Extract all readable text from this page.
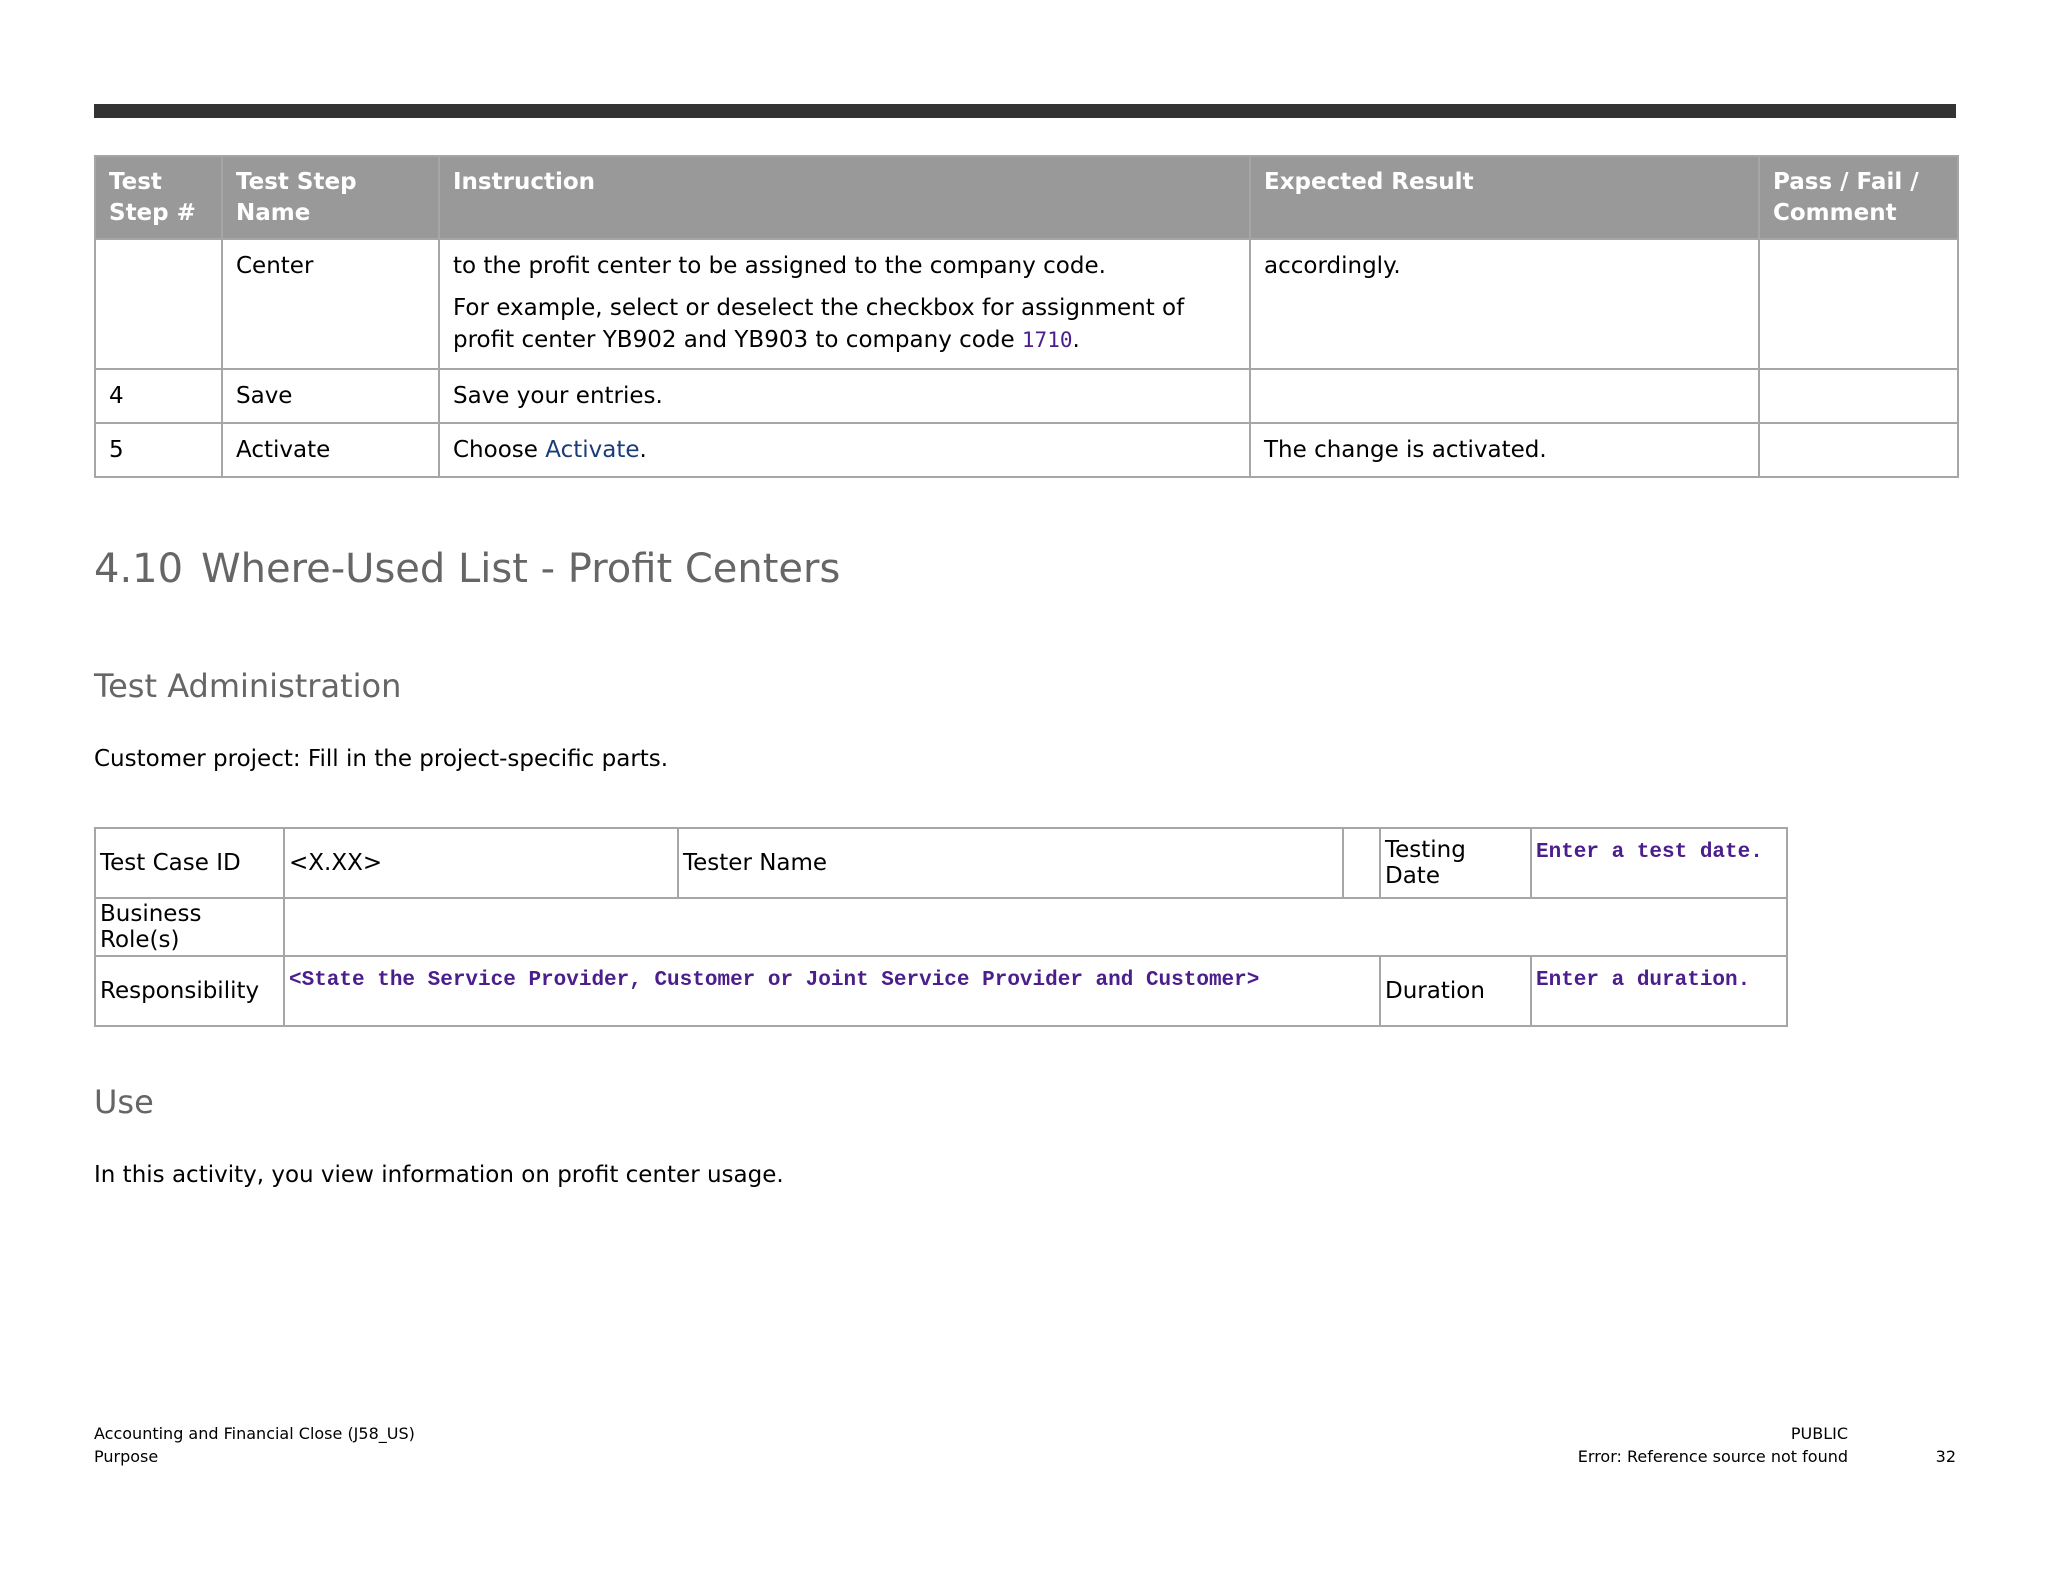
Test
Step #	Test Step Name	Instruction	Expected Result	Pass / Fail /
Comment
	Center	to the profit center to be assigned to the company code.

For example, select or deselect the checkbox for assignment of profit center YB902 and YB903 to company code 1710.	accordingly.	
4	Save	Save your entries.		
5	Activate	Choose Activate.	The change is activated.	
4.10 Where-Used List - Profit Centers
Test Administration

Customer project: Fill in the project-specific parts.

Test Case ID	<X.XX>	Tester Name		Testing Date	Enter a test date.
Business Role(s)					
Responsibility	<State the Service Provider, Customer or Joint Service Provider and Customer>			Duration	Enter a duration.
Use

In this activity, you view information on profit center usage.

Accounting and Financial Close (J58_US)
Purpose
PUBLIC
Error: Reference source not found	32
